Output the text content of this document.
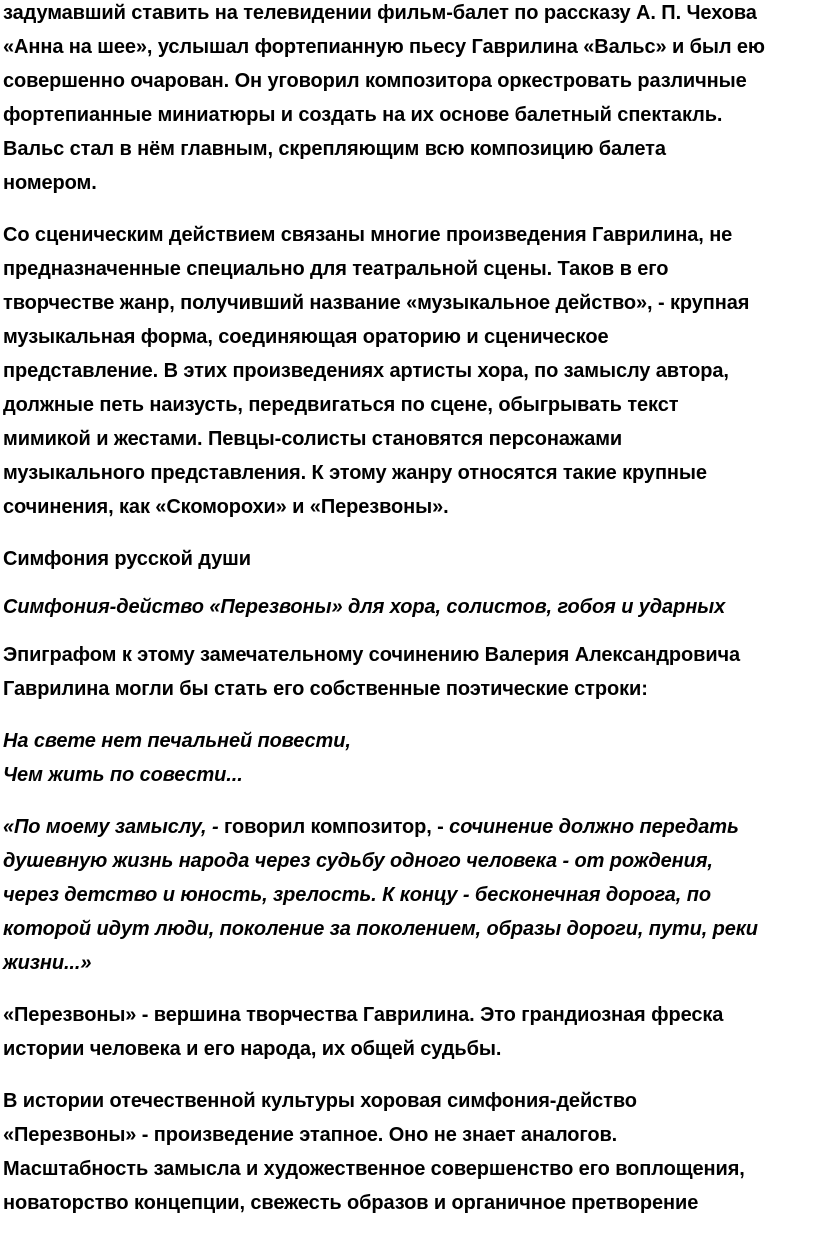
задумавший ставить на телевидении фильм-балет по рассказу А. П. Чехова
«Анна на шее», услышал фортепианную пьесу Гаврилина «Вальс» и был ею
совершенно очарован. Он уговорил композитора оркестровать различные
фортепианные миниатюры и создать на их основе балетный спектакль.
Вальс стал в нём главным, скрепляющим всю композицию балета
номером.

Со сценическим действием связаны многие произведения Гаврилина, не
предназначенные специально для театральной сцены. Таков в его
творчестве жанр, получивший название «музыкальное действо», - крупная
музыкальная форма, соединяющая ораторию и сценическое
представление. В этих произведениях артисты хора, по замыслу автора,
должные петь наизусть, передвигаться по сцене, обыгрывать текст
мимикой и жестами. Певцы-солисты становятся персонажами
музыкального представления. К этому жанру относятся такие крупные
сочинения, как «Скоморохи» и «Перезвоны».

Симфония русской души

Симфония-действо «Перезвоны» для хора, солистов, гобоя и ударных

Эпиграфом к этому замечательному сочинению Валерия Александровича
Гаврилина могли бы стать его собственные поэтические строки:

На свете нет печальней повести,
Чем жить по совести...

«По моему замыслу, - говорил композитор, - сочинение должно передать
душевную жизнь народа через судьбу одного человека - от рождения,
через детство и юность, зрелость. К концу - бесконечная дорога, по
которой идут люди, поколение за поколением, образы дороги, пути, реки
жизни...»

«Перезвоны» - вершина творчества Гаврилина. Это грандиозная фреска
истории человека и его народа, их общей судьбы.

В истории отечественной культуры хоровая симфония-действо
«Перезвоны» - произведение этапное. Оно не знает аналогов.
Масштабность замысла и художественное совершенство его воплощения,
новаторство концепции, свежесть образов и органичное претворение
